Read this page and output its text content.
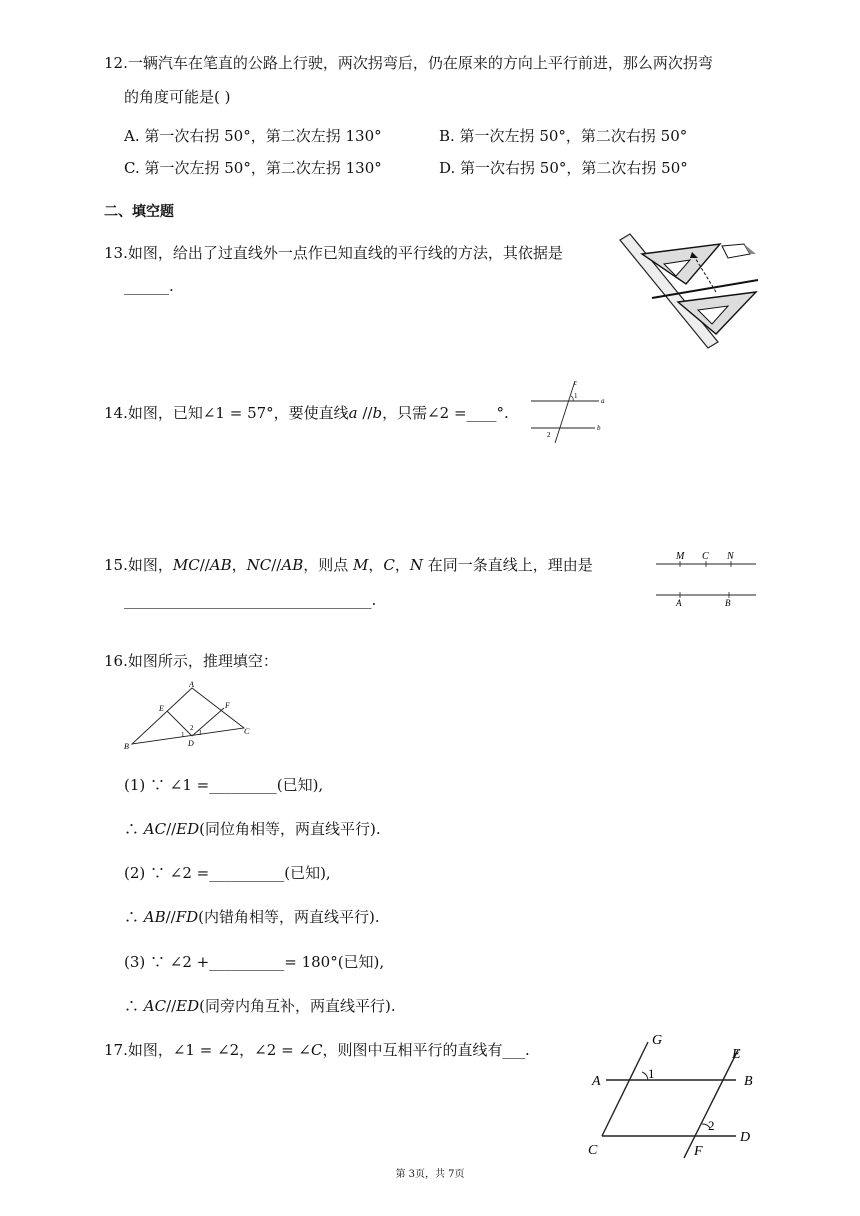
12.一辆汽车在笔直的公路上行驶，两次拐弯后，仍在原来的方向上平行前进，那么两次拐弯
的角度可能是( )
A. 第一次右拐 50°，第二次左拐 130°	B. 第一次左拐 50°，第二次右拐 50°
C. 第一次左拐 50°，第二次左拐 130°	D. 第一次右拐 50°，第二次右拐 50°
二、填空题
13.如图，给出了过直线外一点作已知直线的平行线的方法，其依据是
______.
14.如图，已知∠1 = 57°，要使直线𝑎 //𝑏，只需∠2 =____°.
c
a
b
1
2
15.如图，𝑀𝐶//𝐴𝐵，𝑁𝐶//𝐴𝐵，则点 𝑀，𝐶，𝑁 在同一条直线上，理由是
_________________________________.
M C N
A	B
16.如图所示，推理填空：
A
B
C
D
E	F
1
2
3
(1) ∵ ∠1 =_________(已知),
∴ 𝐴𝐶//𝐸𝐷(同位角相等，两直线平行).
(2) ∵ ∠2 =__________(已知),
∴ 𝐴𝐵//𝐹𝐷(内错角相等，两直线平行).
(3) ∵ ∠2 +__________= 180°(已知),
∴ 𝐴𝐶//𝐸𝐷(同旁内角互补，两直线平行).
17.如图，∠1 = ∠2，∠2 = ∠𝐶，则图中互相平行的直线有___.
G
E
A	B
C
D
F
1
2
第 3页，共 7页
